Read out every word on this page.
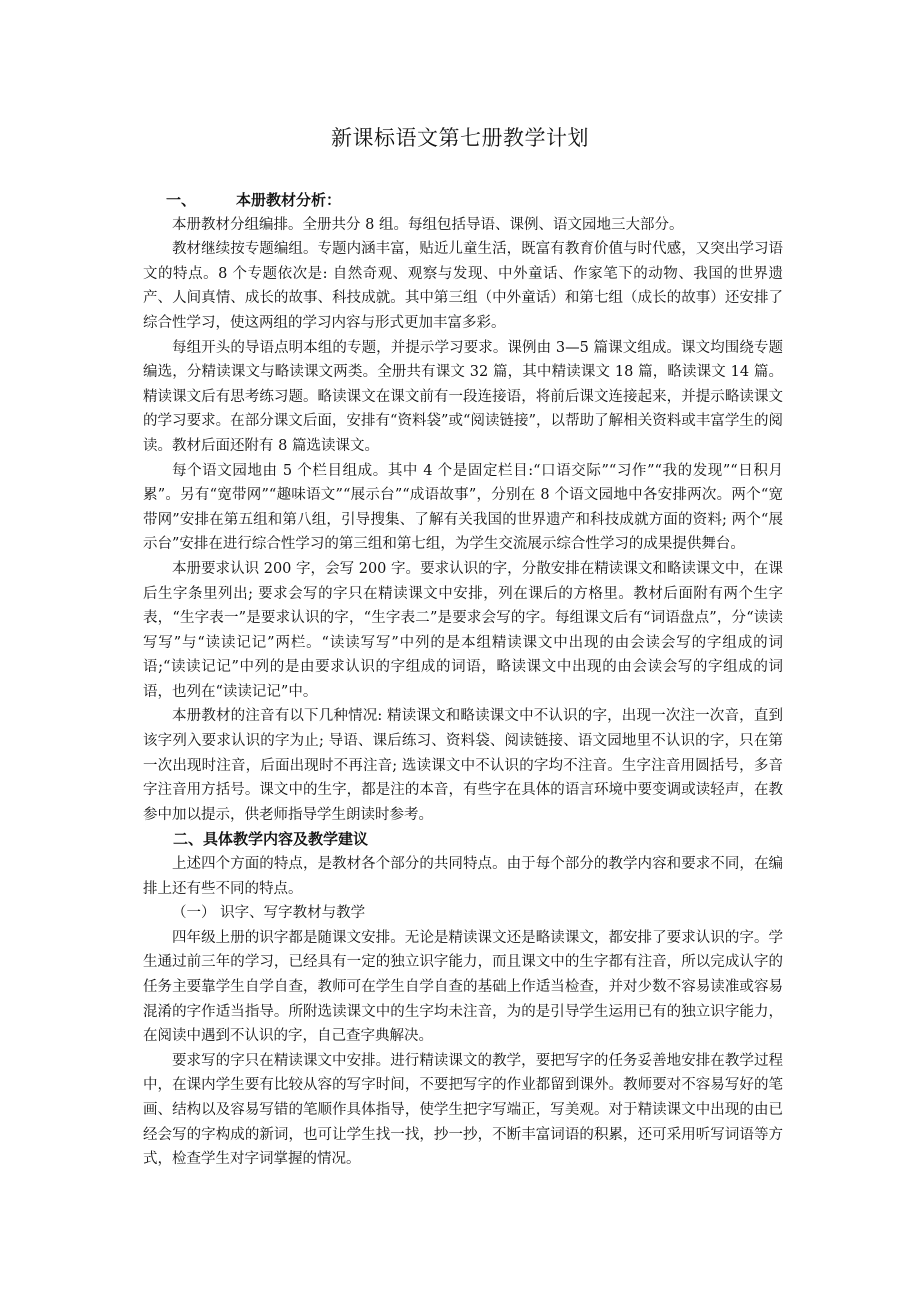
新课标语文第七册教学计划
一、	本册教材分析：

本册教材分组编排。全册共分 8 组。每组包括导语、课例、语文园地三大部分。

教材继续按专题编组。专题内涵丰富，贴近儿童生活，既富有教育价值与时代感，又突出学习语文的特点。8 个专题依次是: 自然奇观、观察与发现、中外童话、作家笔下的动物、我国的世界遗产、人间真情、成长的故事、科技成就。其中第三组（中外童话）和第七组（成长的故事）还安排了综合性学习，使这两组的学习内容与形式更加丰富多彩。

每组开头的导语点明本组的专题，并提示学习要求。课例由 3—5 篇课文组成。课文均围绕专题编选，分精读课文与略读课文两类。全册共有课文 32 篇，其中精读课文 18 篇，略读课文 14 篇。精读课文后有思考练习题。略读课文在课文前有一段连接语，将前后课文连接起来，并提示略读课文的学习要求。在部分课文后面，安排有“资料袋”或“阅读链接”，以帮助了解相关资料或丰富学生的阅读。教材后面还附有 8 篇选读课文。

每个语文园地由 5 个栏目组成。其中 4 个是固定栏目:“口语交际”“习作”“我的发现”“日积月累”。另有“宽带网”“趣味语文”“展示台”“成语故事”，分别在 8 个语文园地中各安排两次。两个“宽带网”安排在第五组和第八组，引导搜集、了解有关我国的世界遗产和科技成就方面的资料; 两个“展示台”安排在进行综合性学习的第三组和第七组，为学生交流展示综合性学习的成果提供舞台。

本册要求认识 200 字，会写 200 字。要求认识的字，分散安排在精读课文和略读课文中，在课后生字条里列出; 要求会写的字只在精读课文中安排，列在课后的方格里。教材后面附有两个生字表，“生字表一”是要求认识的字，“生字表二”是要求会写的字。每组课文后有“词语盘点”，分“读读写写”与“读读记记”两栏。“读读写写”中列的是本组精读课文中出现的由会读会写的字组成的词语;“读读记记”中列的是由要求认识的字组成的词语，略读课文中出现的由会读会写的字组成的词语，也列在“读读记记”中。

本册教材的注音有以下几种情况: 精读课文和略读课文中不认识的字，出现一次注一次音，直到该字列入要求认识的字为止; 导语、课后练习、资料袋、阅读链接、语文园地里不认识的字，只在第一次出现时注音，后面出现时不再注音; 选读课文中不认识的字均不注音。生字注音用圆括号，多音字注音用方括号。课文中的生字，都是注的本音，有些字在具体的语言环境中要变调或读轻声，在教参中加以提示，供老师指导学生朗读时参考。

二、具体教学内容及教学建议

上述四个方面的特点，是教材各个部分的共同特点。由于每个部分的教学内容和要求不同，在编排上还有些不同的特点。

（一） 识字、写字教材与教学

四年级上册的识字都是随课文安排。无论是精读课文还是略读课文，都安排了要求认识的字。学生通过前三年的学习，已经具有一定的独立识字能力，而且课文中的生字都有注音，所以完成认字的任务主要靠学生自学自查，教师可在学生自学自查的基础上作适当检查，并对少数不容易读准或容易混淆的字作适当指导。所附选读课文中的生字均未注音，为的是引导学生运用已有的独立识字能力，在阅读中遇到不认识的字，自己查字典解决。

要求写的字只在精读课文中安排。进行精读课文的教学，要把写字的任务妥善地安排在教学过程中，在课内学生要有比较从容的写字时间，不要把写字的作业都留到课外。教师要对不容易写好的笔画、结构以及容易写错的笔顺作具体指导，使学生把字写端正，写美观。对于精读课文中出现的由已经会写的字构成的新词，也可让学生找一找，抄一抄，不断丰富词语的积累，还可采用听写词语等方式，检查学生对字词掌握的情况。
